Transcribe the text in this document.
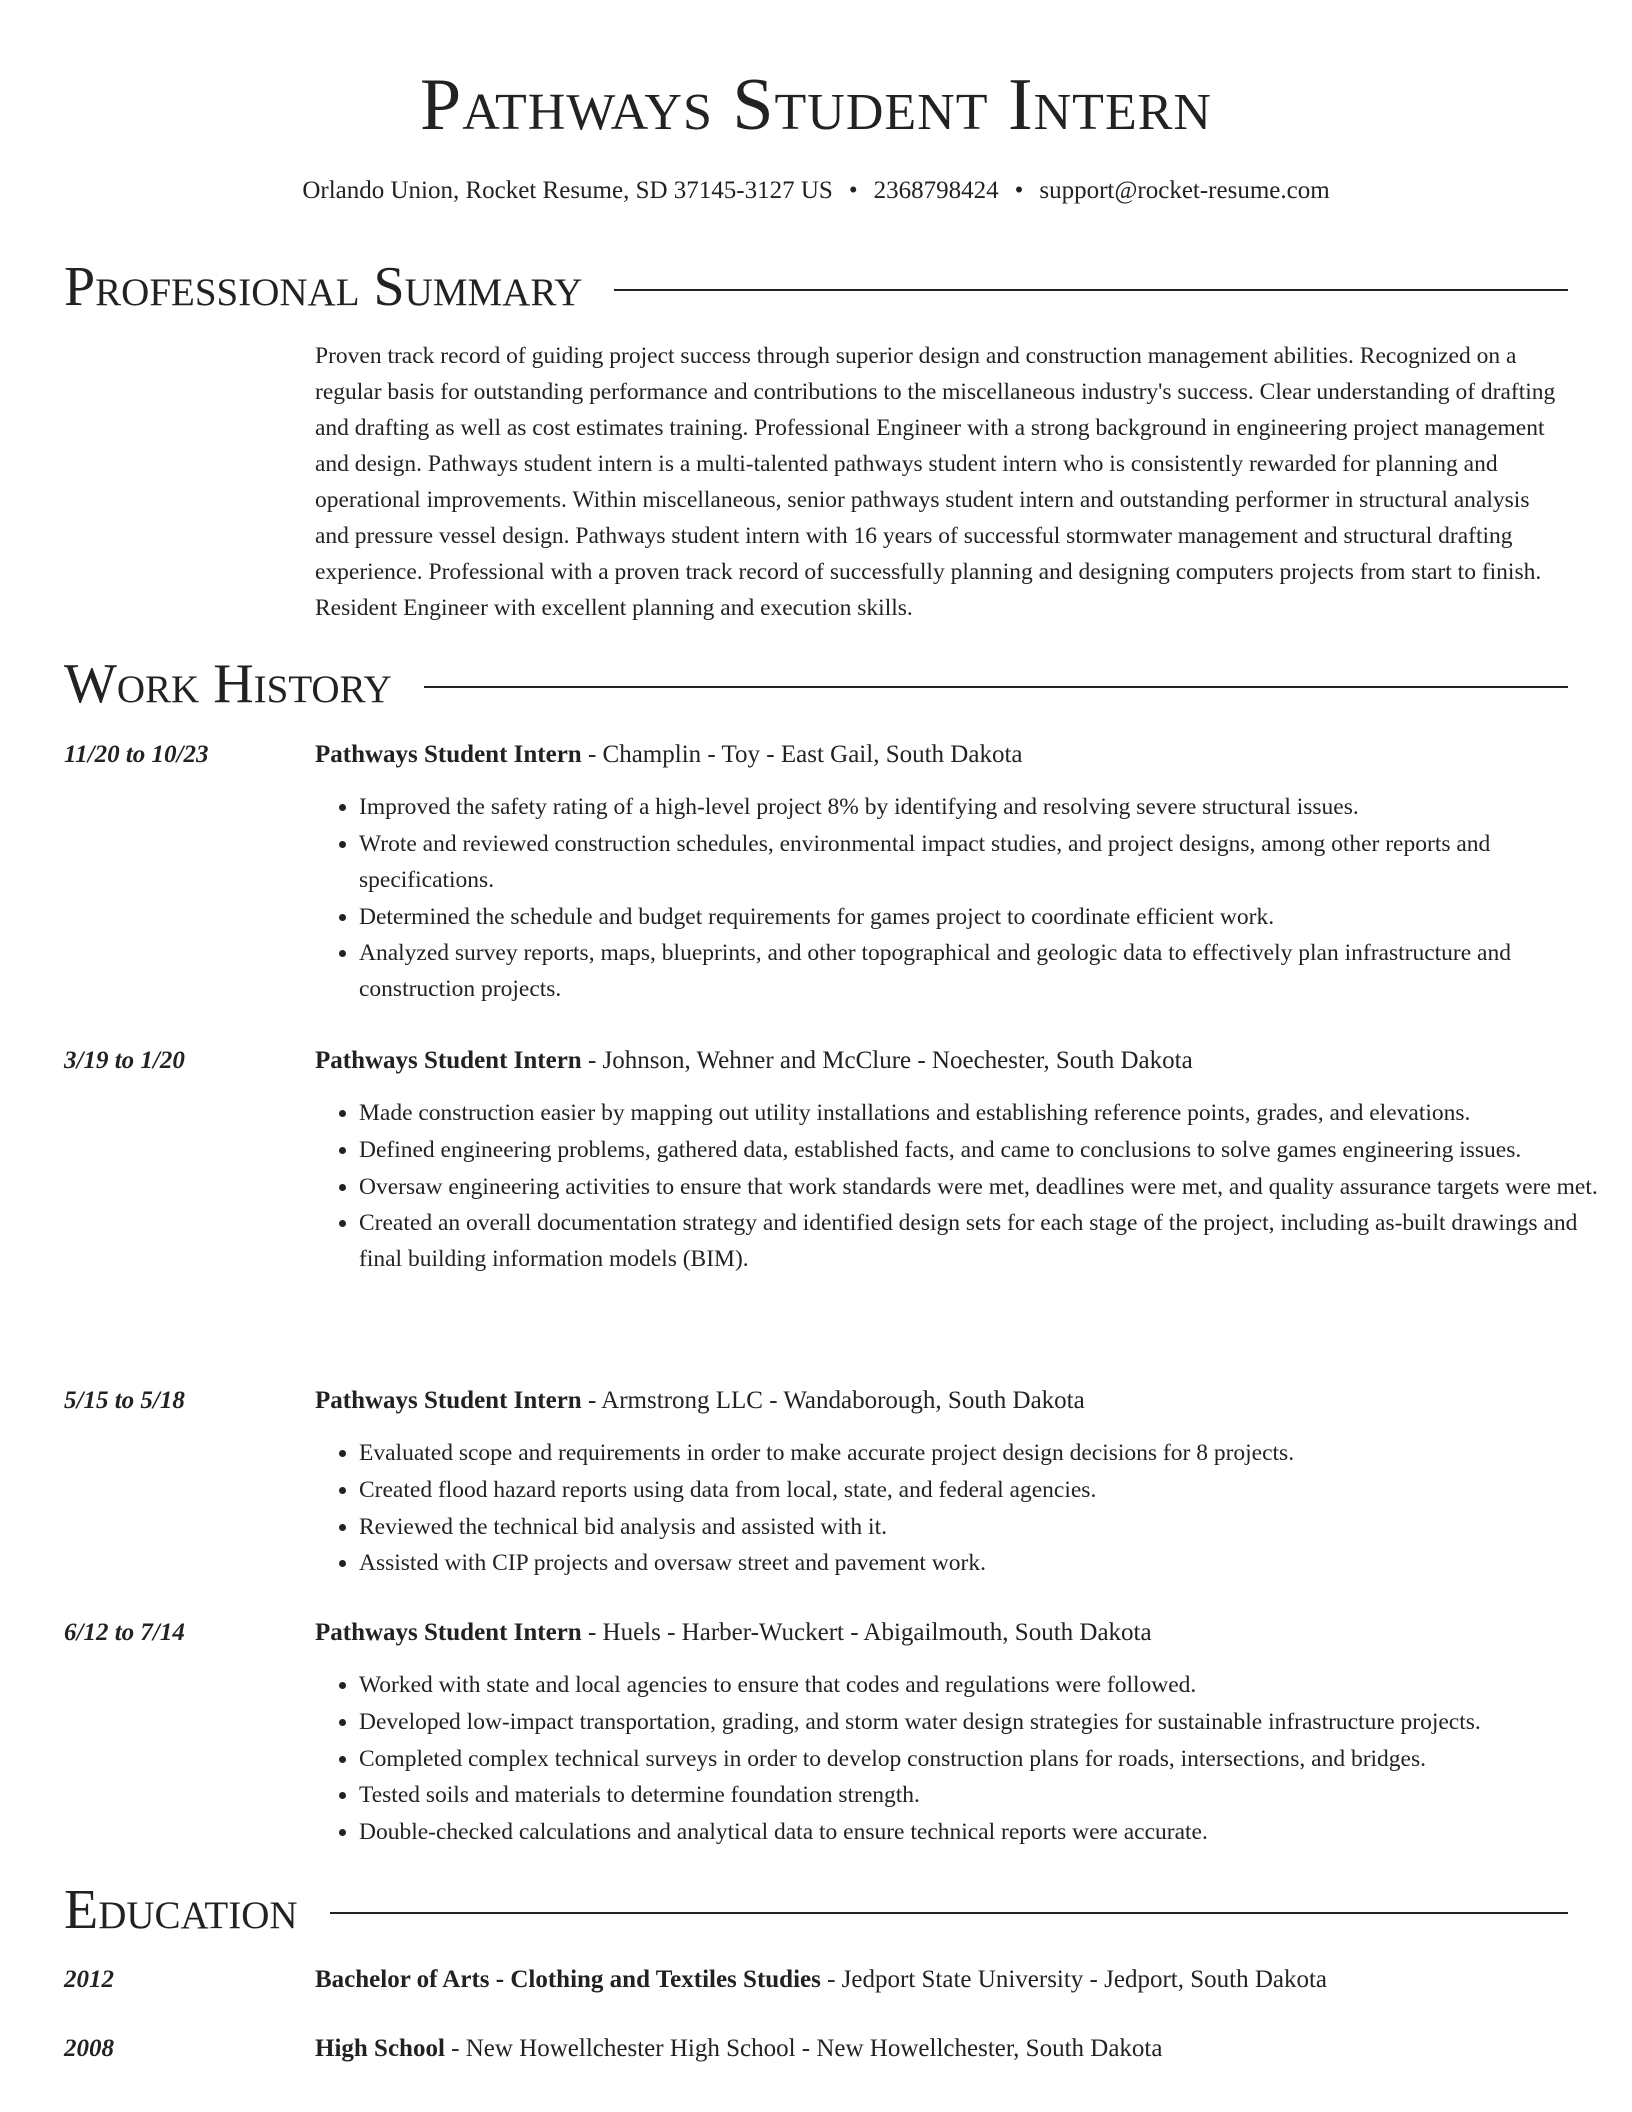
Pathways Student Intern
Orlando Union, Rocket Resume, SD 37145-3127 US • 2368798424 • support@rocket-resume.com
Professional Summary

Proven track record of guiding project success through superior design and construction management abilities. Recognized on a regular basis for outstanding performance and contributions to the miscellaneous industry's success. Clear understanding of drafting and drafting as well as cost estimates training. Professional Engineer with a strong background in engineering project management and design. Pathways student intern is a multi-talented pathways student intern who is consistently rewarded for planning and operational improvements. Within miscellaneous, senior pathways student intern and outstanding performer in structural analysis and pressure vessel design. Pathways student intern with 16 years of successful stormwater management and structural drafting experience. Professional with a proven track record of successfully planning and designing computers projects from start to finish. Resident Engineer with excellent planning and execution skills.

Work History
11/20 to 10/23	Pathways Student Intern - Champlin - Toy - East Gail, South Dakota
• Improved the safety rating of a high-level project 8% by identifying and resolving severe structural issues.
• Wrote and reviewed construction schedules, environmental impact studies, and project designs, among other reports and specifications.
• Determined the schedule and budget requirements for games project to coordinate efficient work.
• Analyzed survey reports, maps, blueprints, and other topographical and geologic data to effectively plan infrastructure and construction projects.
3/19 to 1/20	Pathways Student Intern - Johnson, Wehner and McClure - Noechester, South Dakota
• Made construction easier by mapping out utility installations and establishing reference points, grades, and elevations.
• Defined engineering problems, gathered data, established facts, and came to conclusions to solve games engineering issues.
• Oversaw engineering activities to ensure that work standards were met, deadlines were met, and quality assurance targets were met.
• Created an overall documentation strategy and identified design sets for each stage of the project, including as-built drawings and final building information models (BIM).
5/15 to 5/18	Pathways Student Intern - Armstrong LLC - Wandaborough, South Dakota
• Evaluated scope and requirements in order to make accurate project design decisions for 8 projects.
• Created flood hazard reports using data from local, state, and federal agencies.
• Reviewed the technical bid analysis and assisted with it.
• Assisted with CIP projects and oversaw street and pavement work.
6/12 to 7/14	Pathways Student Intern - Huels - Harber-Wuckert - Abigailmouth, South Dakota
• Worked with state and local agencies to ensure that codes and regulations were followed.
• Developed low-impact transportation, grading, and storm water design strategies for sustainable infrastructure projects.
• Completed complex technical surveys in order to develop construction plans for roads, intersections, and bridges.
• Tested soils and materials to determine foundation strength.
• Double-checked calculations and analytical data to ensure technical reports were accurate.
Education
2012	Bachelor of Arts - Clothing and Textiles Studies - Jedport State University - Jedport, South Dakota
2008	High School - New Howellchester High School - New Howellchester, South Dakota
